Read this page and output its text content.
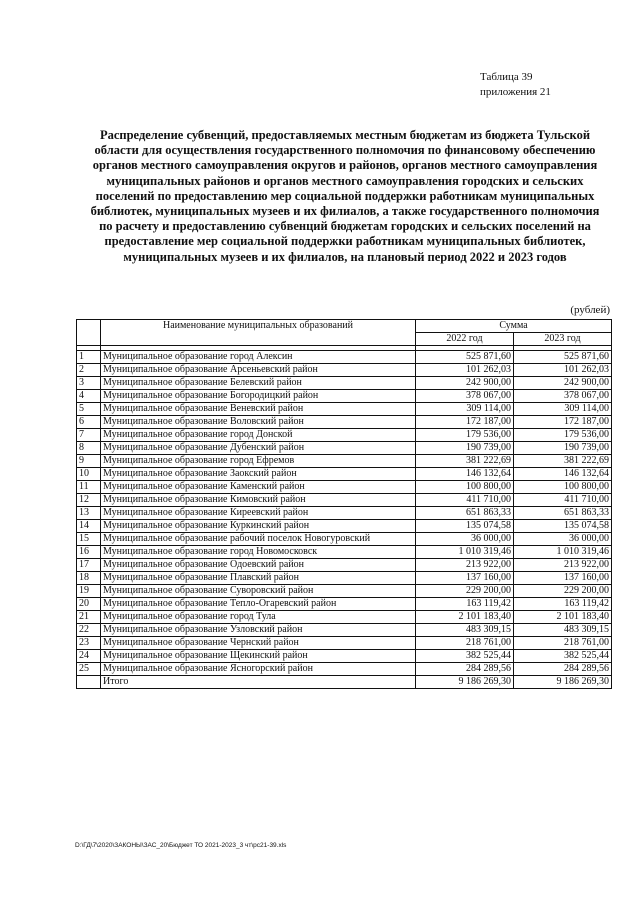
Таблица 39
приложения 21
Распределение субвенций, предоставляемых местным бюджетам из бюджета Тульской
области для осуществления государственного полномочия по финансовому обеспечению
органов местного самоуправления округов и районов, органов местного самоуправления
муниципальных районов и органов местного самоуправления городских и сельских
поселений по предоставлению мер социальной поддержки работникам муниципальных
библиотек, муниципальных музеев и их филиалов, а также государственного полномочия
по расчету и предоставлению субвенций бюджетам городских и сельских поселений на
предоставление мер социальной поддержки работникам муниципальных библиотек,
муниципальных музеев и их филиалов, на плановый период 2022 и 2023 годов
(рублей)
	Наименование муниципальных образований	Сумма	
		2022 год	2023 год

1	Муниципальное образование город Алексин	525 871,60	525 871,60
2	Муниципальное образование Арсеньевский район	101 262,03	101 262,03
3	Муниципальное образование Белевский район	242 900,00	242 900,00
4	Муниципальное образование Богородицкий район	378 067,00	378 067,00
5	Муниципальное образование Веневский район	309 114,00	309 114,00
6	Муниципальное образование Воловский район	172 187,00	172 187,00
7	Муниципальное образование город Донской	179 536,00	179 536,00
8	Муниципальное образование Дубенский район	190 739,00	190 739,00
9	Муниципальное образование город Ефремов	381 222,69	381 222,69
10	Муниципальное образование Заокский район	146 132,64	146 132,64
11	Муниципальное образование Каменский район	100 800,00	100 800,00
12	Муниципальное образование Кимовский район	411 710,00	411 710,00
13	Муниципальное образование Киреевский район	651 863,33	651 863,33
14	Муниципальное образование Куркинский район	135 074,58	135 074,58
15	Муниципальное образование рабочий поселок Новогуровский	36 000,00	36 000,00
16	Муниципальное образование город Новомосковск	1 010 319,46	1 010 319,46
17	Муниципальное образование Одоевский район	213 922,00	213 922,00
18	Муниципальное образование Плавский район	137 160,00	137 160,00
19	Муниципальное образование Суворовский район	229 200,00	229 200,00
20	Муниципальное образование Тепло-Огаревский район	163 119,42	163 119,42
21	Муниципальное образование город Тула	2 101 183,40	2 101 183,40
22	Муниципальное образование Узловский район	483 309,15	483 309,15
23	Муниципальное образование Чернский район	218 761,00	218 761,00
24	Муниципальное образование Щекинский район	382 525,44	382 525,44
25	Муниципальное образование Ясногорский район	284 289,56	284 289,56
	Итого	9 186 269,30	9 186 269,30
D:\ГД\7\2020\ЗАКОНЫ\ЗАС_20\Бюджет ТО 2021-2023_3 чт\рс21-39.xls
